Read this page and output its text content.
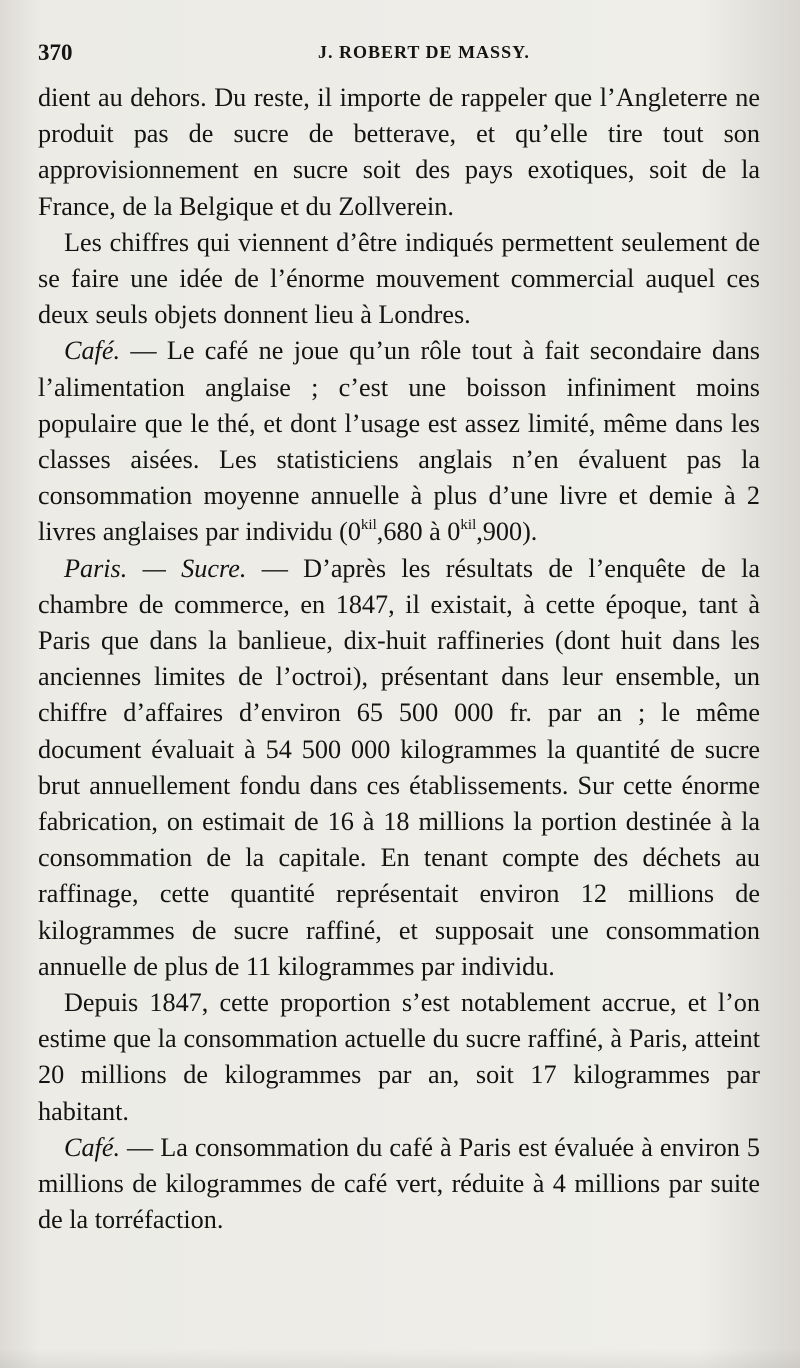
370	J. ROBERT DE MASSY.

dient au dehors. Du reste, il importe de rappeler que l’Angleterre ne produit pas de sucre de betterave, et qu’elle tire tout son approvisionnement en sucre soit des pays exotiques, soit de la France, de la Belgique et du Zollverein.

Les chiffres qui viennent d’être indiqués permettent seulement de se faire une idée de l’énorme mouvement commercial auquel ces deux seuls objets donnent lieu à Londres.

Café. — Le café ne joue qu’un rôle tout à fait secondaire dans l’alimentation anglaise ; c’est une boisson infiniment moins populaire que le thé, et dont l’usage est assez limité, même dans les classes aisées. Les statisticiens anglais n’en évaluent pas la consommation moyenne annuelle à plus d’une livre et demie à 2 livres anglaises par individu ($0^{kil},680$ à $0^{kil},900$).

Paris. — Sucre. — D’après les résultats de l’enquête de la chambre de commerce, en 1847, il existait, à cette époque, tant à Paris que dans la banlieue, dix-huit raffineries (dont huit dans les anciennes limites de l’octroi), présentant dans leur ensemble, un chiffre d’affaires d’environ 65 500 000 fr. par an ; le même document évaluait à 54 500 000 kilogrammes la quantité de sucre brut annuellement fondu dans ces établissements. Sur cette énorme fabrication, on estimait de 16 à 18 millions la portion destinée à la consommation de la capitale. En tenant compte des déchets au raffinage, cette quantité représentait environ 12 millions de kilogrammes de sucre raffiné, et supposait une consommation annuelle de plus de 11 kilogrammes par individu.

Depuis 1847, cette proportion s’est notablement accrue, et l’on estime que la consommation actuelle du sucre raffiné, à Paris, atteint 20 millions de kilogrammes par an, soit 17 kilogrammes par habitant.

Café. — La consommation du café à Paris est évaluée à environ 5 millions de kilogrammes de café vert, réduite à 4 millions par suite de la torréfaction.
